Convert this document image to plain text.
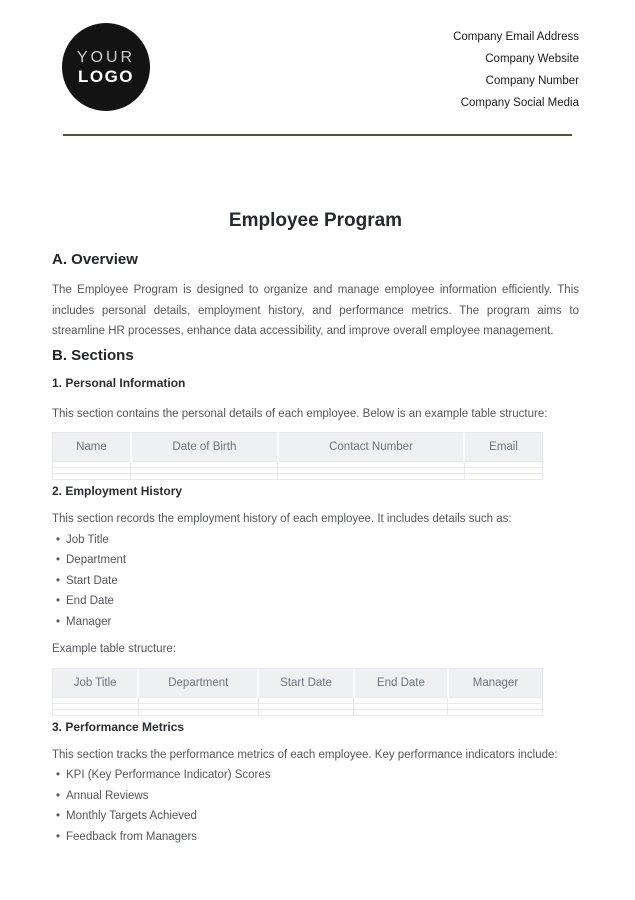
YOUR
LOGO
Company Email Address
Company Website
Company Number
Company Social Media
Employee Program
A. Overview

The Employee Program is designed to organize and manage employee information efficiently. This includes personal details, employment history, and performance metrics. The program aims to streamline HR processes, enhance data accessibility, and improve overall employee management.

B. Sections
1. Personal Information

This section contains the personal details of each employee. Below is an example table structure:

Name	Date of Birth	Contact Number	Email

2. Employment History

This section records the employment history of each employee. It includes details such as:

• Job Title
• Department
• Start Date
• End Date
• Manager

Example table structure:

Job Title	Department	Start Date	End Date	Manager

3. Performance Metrics

This section tracks the performance metrics of each employee. Key performance indicators include:

• KPI (Key Performance Indicator) Scores
• Annual Reviews
• Monthly Targets Achieved
• Feedback from Managers
